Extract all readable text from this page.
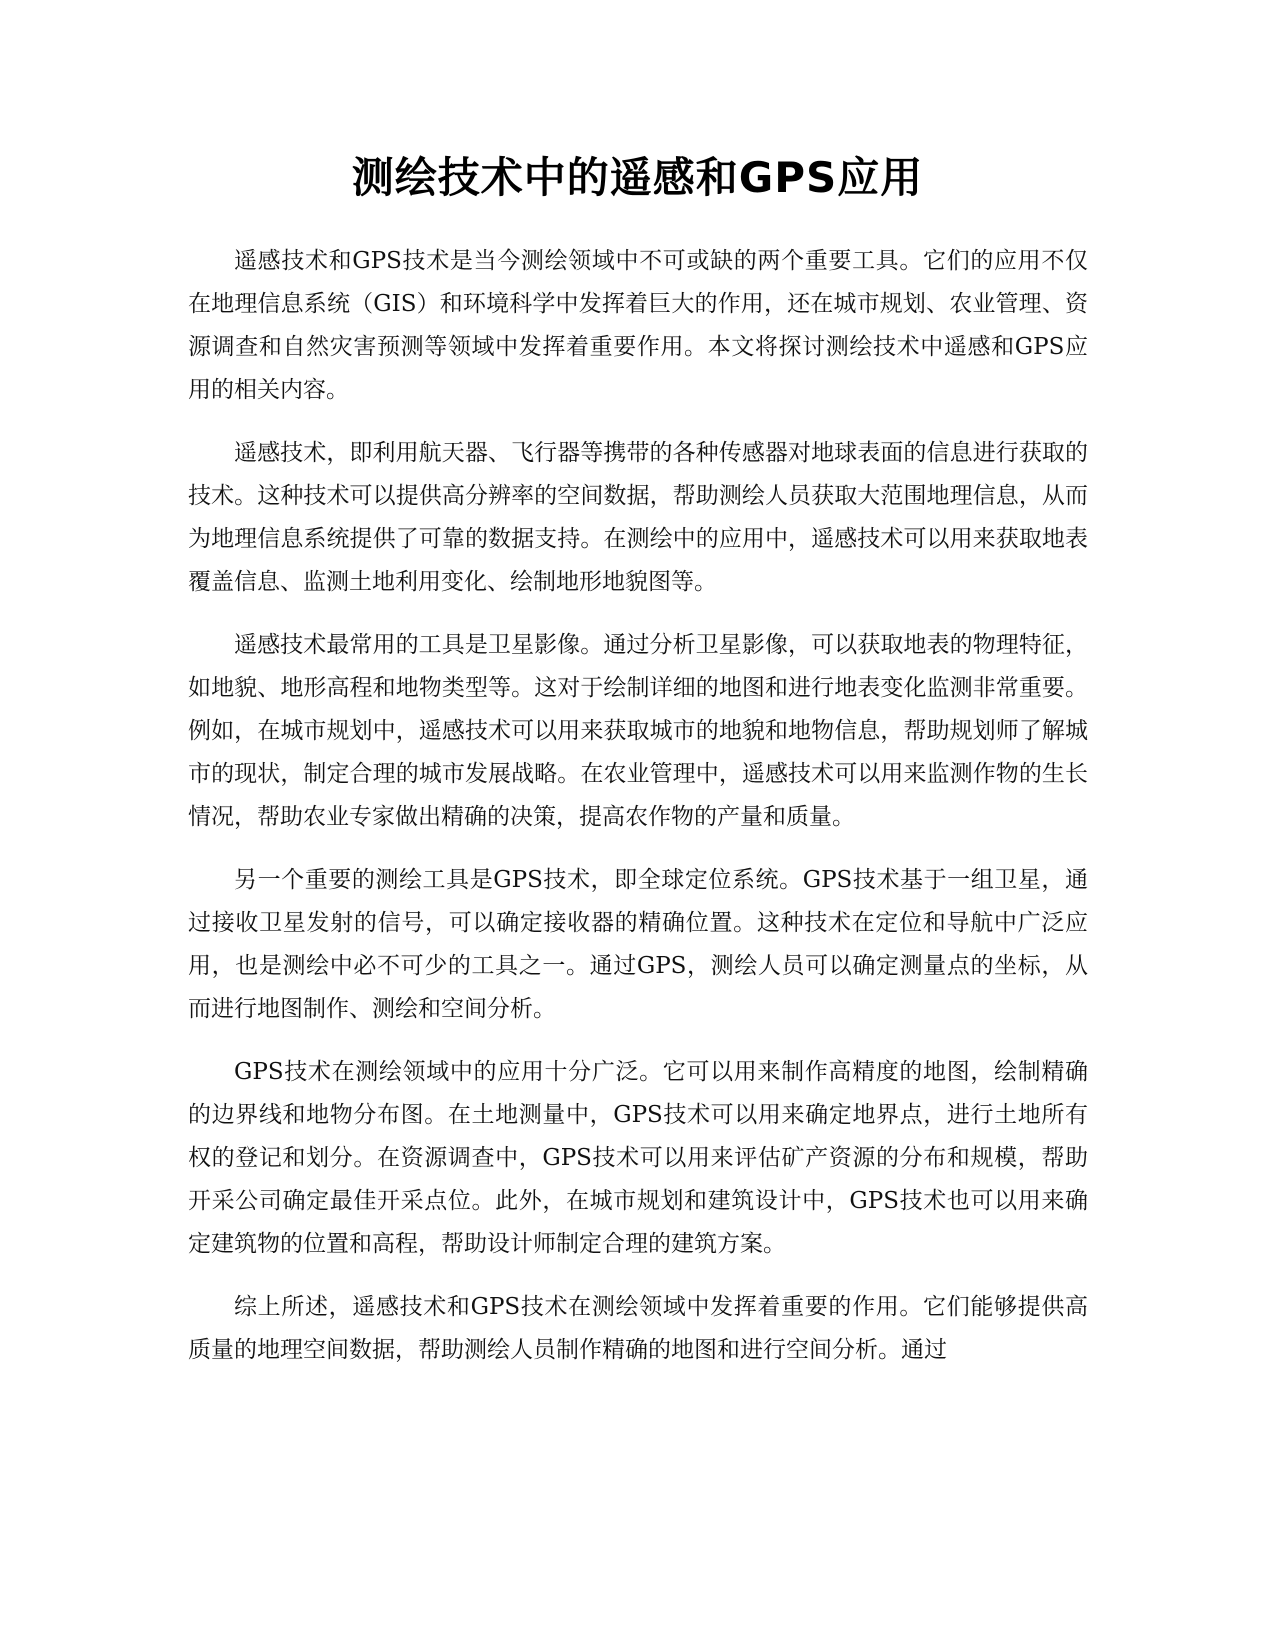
测绘技术中的遥感和GPS应用

遥感技术和GPS技术是当今测绘领域中不可或缺的两个重要工具。它们的应用不仅在地理信息系统（GIS）和环境科学中发挥着巨大的作用，还在城市规划、农业管理、资源调查和自然灾害预测等领域中发挥着重要作用。本文将探讨测绘技术中遥感和GPS应用的相关内容。

遥感技术，即利用航天器、飞行器等携带的各种传感器对地球表面的信息进行获取的技术。这种技术可以提供高分辨率的空间数据，帮助测绘人员获取大范围地理信息，从而为地理信息系统提供了可靠的数据支持。在测绘中的应用中，遥感技术可以用来获取地表覆盖信息、监测土地利用变化、绘制地形地貌图等。

遥感技术最常用的工具是卫星影像。通过分析卫星影像，可以获取地表的物理特征，如地貌、地形高程和地物类型等。这对于绘制详细的地图和进行地表变化监测非常重要。例如，在城市规划中，遥感技术可以用来获取城市的地貌和地物信息，帮助规划师了解城市的现状，制定合理的城市发展战略。在农业管理中，遥感技术可以用来监测作物的生长情况，帮助农业专家做出精确的决策，提高农作物的产量和质量。

另一个重要的测绘工具是GPS技术，即全球定位系统。GPS技术基于一组卫星，通过接收卫星发射的信号，可以确定接收器的精确位置。这种技术在定位和导航中广泛应用，也是测绘中必不可少的工具之一。通过GPS，测绘人员可以确定测量点的坐标，从而进行地图制作、测绘和空间分析。

GPS技术在测绘领域中的应用十分广泛。它可以用来制作高精度的地图，绘制精确的边界线和地物分布图。在土地测量中，GPS技术可以用来确定地界点，进行土地所有权的登记和划分。在资源调查中，GPS技术可以用来评估矿产资源的分布和规模，帮助开采公司确定最佳开采点位。此外，在城市规划和建筑设计中，GPS技术也可以用来确定建筑物的位置和高程，帮助设计师制定合理的建筑方案。

综上所述，遥感技术和GPS技术在测绘领域中发挥着重要的作用。它们能够提供高质量的地理空间数据，帮助测绘人员制作精确的地图和进行空间分析。通过
